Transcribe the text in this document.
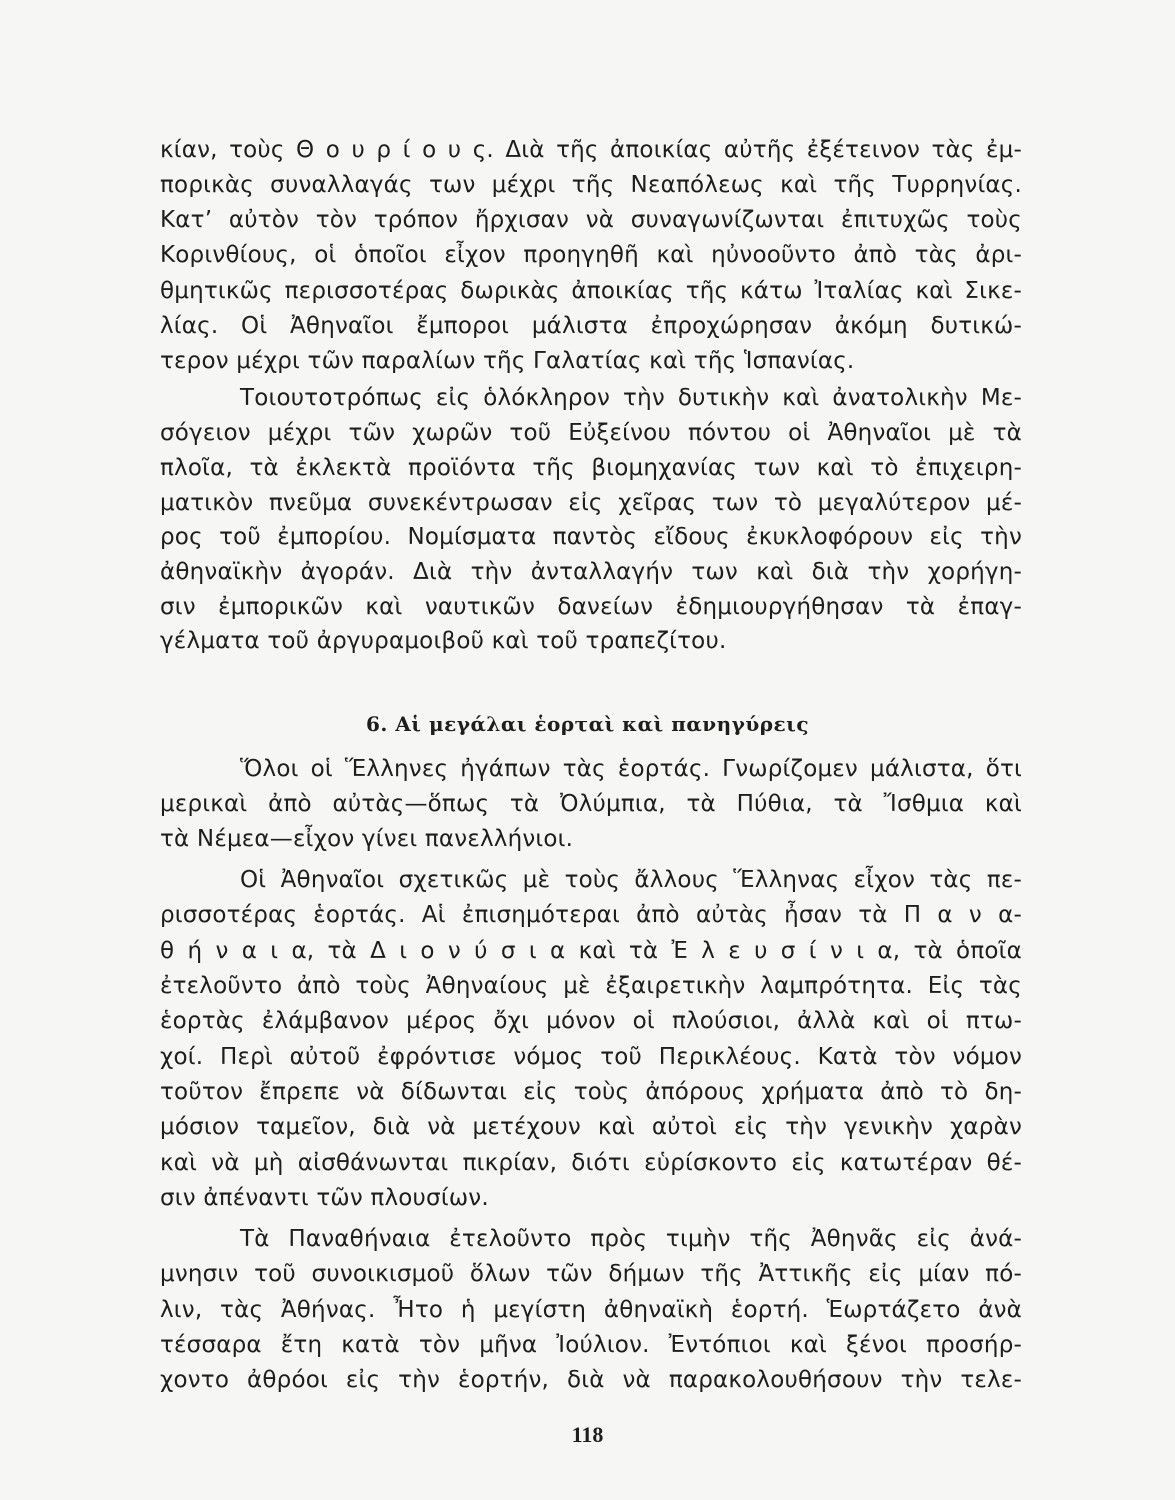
κίαν, τοὺς Θ ο υ ρ ί ο υ ς. Διὰ τῆς ἀποικίας αὐτῆς ἐξέτεινον τὰς ἐμ-
πορικὰς συναλλαγάς των μέχρι τῆς Νεαπόλεως καὶ τῆς Τυρρηνίας.
Κατ’ αὐτὸν τὸν τρόπον ἤρχισαν νὰ συναγωνίζωνται ἐπιτυχῶς τοὺς
Κορινθίους, οἱ ὁποῖοι εἶχον προηγηθῆ καὶ ηὐνοοῦντο ἀπὸ τὰς ἀρι-
θμητικῶς περισσοτέρας δωρικὰς ἀποικίας τῆς κάτω Ἰταλίας καὶ Σικε-
λίας. Οἱ Ἀθηναῖοι ἔμποροι μάλιστα ἐπροχώρησαν ἀκόμη δυτικώ-
τερον μέχρι τῶν παραλίων τῆς Γαλατίας καὶ τῆς Ἱσπανίας.
Τοιουτοτρόπως εἰς ὁλόκληρον τὴν δυτικὴν καὶ ἀνατολικὴν Με-
σόγειον μέχρι τῶν χωρῶν τοῦ Εὐξείνου πόντου οἱ Ἀθηναῖοι μὲ τὰ
πλοῖα, τὰ ἐκλεκτὰ προϊόντα τῆς βιομηχανίας των καὶ τὸ ἐπιχειρη-
ματικὸν πνεῦμα συνεκέντρωσαν εἰς χεῖρας των τὸ μεγαλύτερον μέ-
ρος τοῦ ἐμπορίου. Νομίσματα παντὸς εἴδους ἐκυκλοφόρουν εἰς τὴν
ἀθηναϊκὴν ἀγοράν. Διὰ τὴν ἀνταλλαγήν των καὶ διὰ τὴν χορήγη-
σιν ἐμπορικῶν καὶ ναυτικῶν δανείων ἐδημιουργήθησαν τὰ ἐπαγ-
γέλματα τοῦ ἀργυραμοιβοῦ καὶ τοῦ τραπεζίτου.
6. Αἱ μεγάλαι ἑορταὶ καὶ πανηγύρεις
Ὅλοι οἱ Ἕλληνες ἠγάπων τὰς ἑορτάς. Γνωρίζομεν μάλιστα, ὅτι
μερικαὶ ἀπὸ αὐτὰς—ὅπως τὰ Ὀλύμπια, τὰ Πύθια, τὰ Ἴσθμια καὶ
τὰ Νέμεα—εἶχον γίνει πανελλήνιοι.
Οἱ Ἀθηναῖοι σχετικῶς μὲ τοὺς ἄλλους Ἕλληνας εἶχον τὰς πε-
ρισσοτέρας ἑορτάς. Αἱ ἐπισημότεραι ἀπὸ αὐτὰς ἦσαν τὰ Π α ν α-
θ ή ν α ι α, τὰ Δ ι ο ν ύ σ ι α καὶ τὰ Ἐ λ ε υ σ ί ν ι α, τὰ ὁποῖα
ἐτελοῦντο ἀπὸ τοὺς Ἀθηναίους μὲ ἐξαιρετικὴν λαμπρότητα. Εἰς τὰς
ἑορτὰς ἐλάμβανον μέρος ὄχι μόνον οἱ πλούσιοι, ἀλλὰ καὶ οἱ πτω-
χοί. Περὶ αὐτοῦ ἐφρόντισε νόμος τοῦ Περικλέους. Κατὰ τὸν νόμον
τοῦτον ἔπρεπε νὰ δίδωνται εἰς τοὺς ἀπόρους χρήματα ἀπὸ τὸ δη-
μόσιον ταμεῖον, διὰ νὰ μετέχουν καὶ αὐτοὶ εἰς τὴν γενικὴν χαρὰν
καὶ νὰ μὴ αἰσθάνωνται πικρίαν, διότι εὑρίσκοντο εἰς κατωτέραν θέ-
σιν ἀπέναντι τῶν πλουσίων.
Τὰ Παναθήναια ἐτελοῦντο πρὸς τιμὴν τῆς Ἀθηνᾶς εἰς ἀνά-
μνησιν τοῦ συνοικισμοῦ ὅλων τῶν δήμων τῆς Ἀττικῆς εἰς μίαν πό-
λιν, τὰς Ἀθήνας. Ἦτο ἡ μεγίστη ἀθηναϊκὴ ἑορτή. Ἑωρτάζετο ἀνὰ
τέσσαρα ἔτη κατὰ τὸν μῆνα Ἰούλιον. Ἐντόπιοι καὶ ξένοι προσήρ-
χοντο ἀθρόοι εἰς τὴν ἑορτήν, διὰ νὰ παρακολουθήσουν τὴν τελε-
118
